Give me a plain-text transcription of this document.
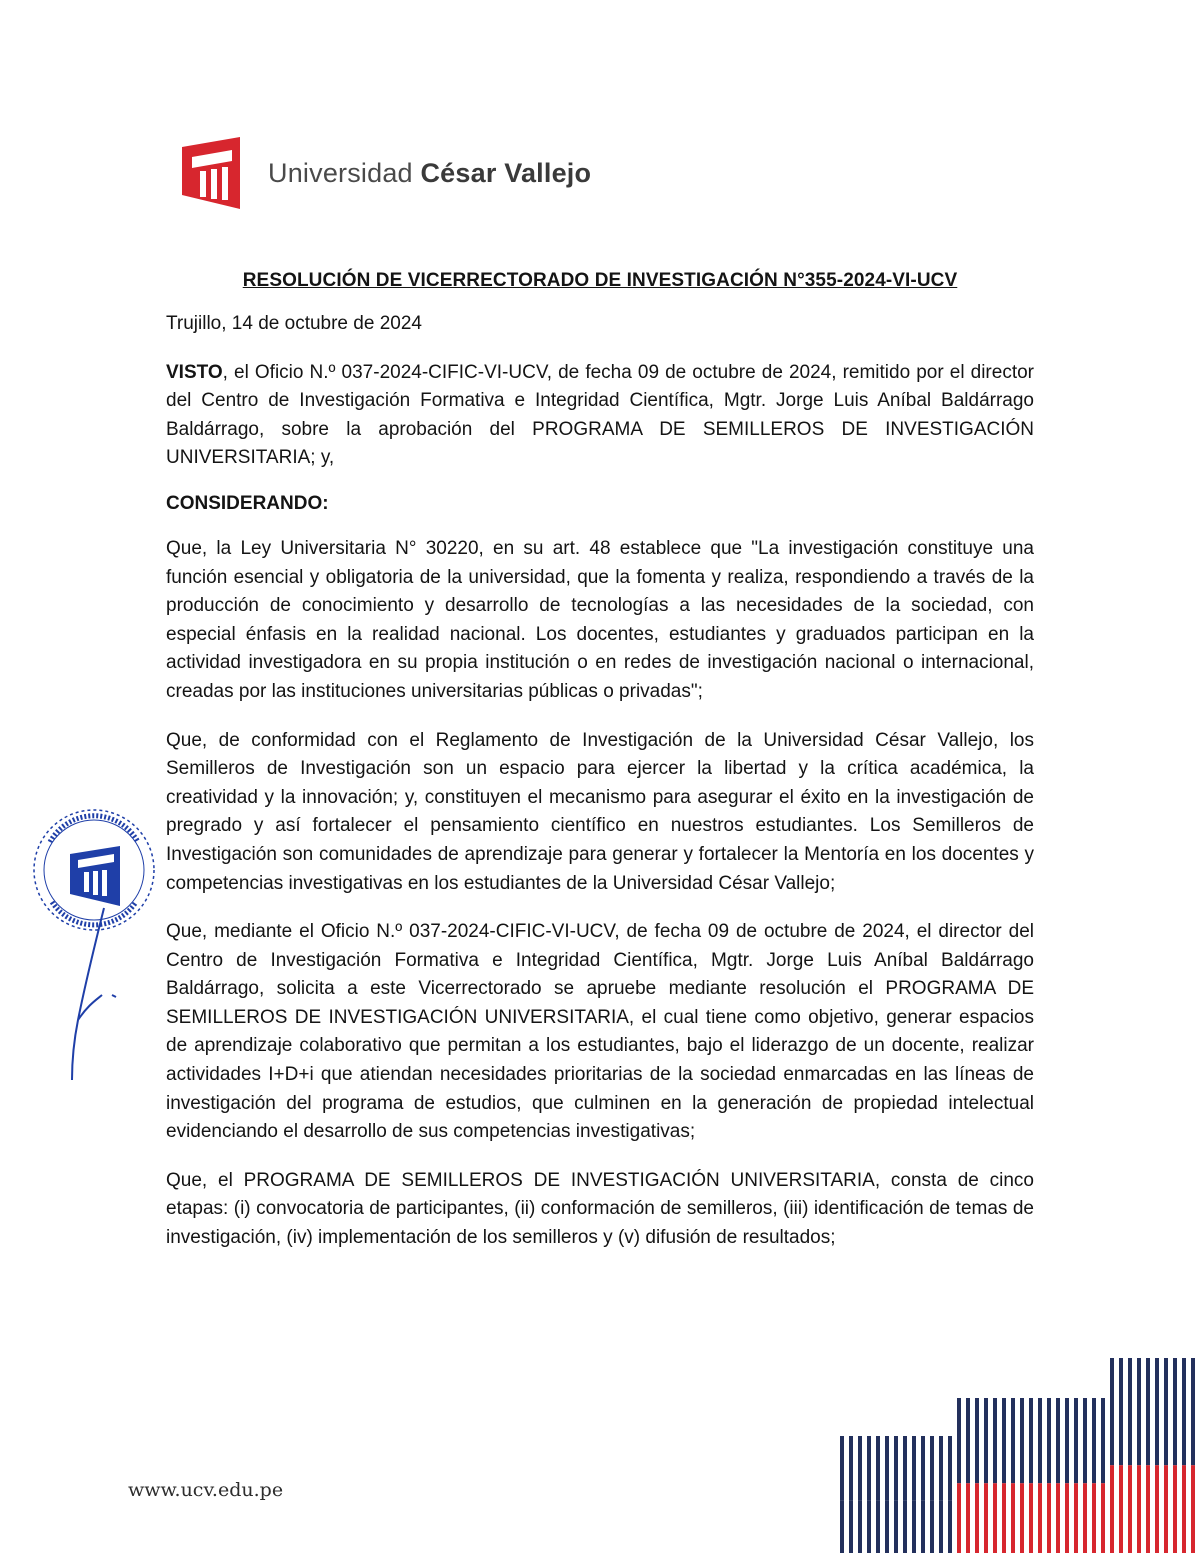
Universidad César Vallejo
RESOLUCIÓN DE VICERRECTORADO DE INVESTIGACIÓN N°355-2024-VI-UCV
Trujillo, 14 de octubre de 2024
VISTO, el Oficio N.º 037-2024-CIFIC-VI-UCV, de fecha 09 de octubre de 2024, remitido por el director del Centro de Investigación Formativa e Integridad Científica, Mgtr. Jorge Luis Aníbal Baldárrago Baldárrago, sobre la aprobación del PROGRAMA DE SEMILLEROS DE INVESTIGACIÓN UNIVERSITARIA; y,
CONSIDERANDO:
Que, la Ley Universitaria N° 30220, en su art. 48 establece que "La investigación constituye una función esencial y obligatoria de la universidad, que la fomenta y realiza, respondiendo a través de la producción de conocimiento y desarrollo de tecnologías a las necesidades de la sociedad, con especial énfasis en la realidad nacional. Los docentes, estudiantes y graduados participan en la actividad investigadora en su propia institución o en redes de investigación nacional o internacional, creadas por las instituciones universitarias públicas o privadas";
Que, de conformidad con el Reglamento de Investigación de la Universidad César Vallejo, los Semilleros de Investigación son un espacio para ejercer la libertad y la crítica académica, la creatividad y la innovación; y, constituyen el mecanismo para asegurar el éxito en la investigación de pregrado y así fortalecer el pensamiento científico en nuestros estudiantes. Los Semilleros de Investigación son comunidades de aprendizaje para generar y fortalecer la Mentoría en los docentes y competencias investigativas en los estudiantes de la Universidad César Vallejo;
Que, mediante el Oficio N.º 037-2024-CIFIC-VI-UCV, de fecha 09 de octubre de 2024, el director del Centro de Investigación Formativa e Integridad Científica, Mgtr. Jorge Luis Aníbal Baldárrago Baldárrago, solicita a este Vicerrectorado se apruebe mediante resolución el PROGRAMA DE SEMILLEROS DE INVESTIGACIÓN UNIVERSITARIA, el cual tiene como objetivo, generar espacios de aprendizaje colaborativo que permitan a los estudiantes, bajo el liderazgo de un docente, realizar actividades I+D+i que atiendan necesidades prioritarias de la sociedad enmarcadas en las líneas de investigación del programa de estudios, que culminen en la generación de propiedad intelectual evidenciando el desarrollo de sus competencias investigativas;
Que, el PROGRAMA DE SEMILLEROS DE INVESTIGACIÓN UNIVERSITARIA, consta de cinco etapas: (i) convocatoria de participantes, (ii) conformación de semilleros, (iii) identificación de temas de investigación, (iv) implementación de los semilleros y (v) difusión de resultados;
www.ucv.edu.pe
